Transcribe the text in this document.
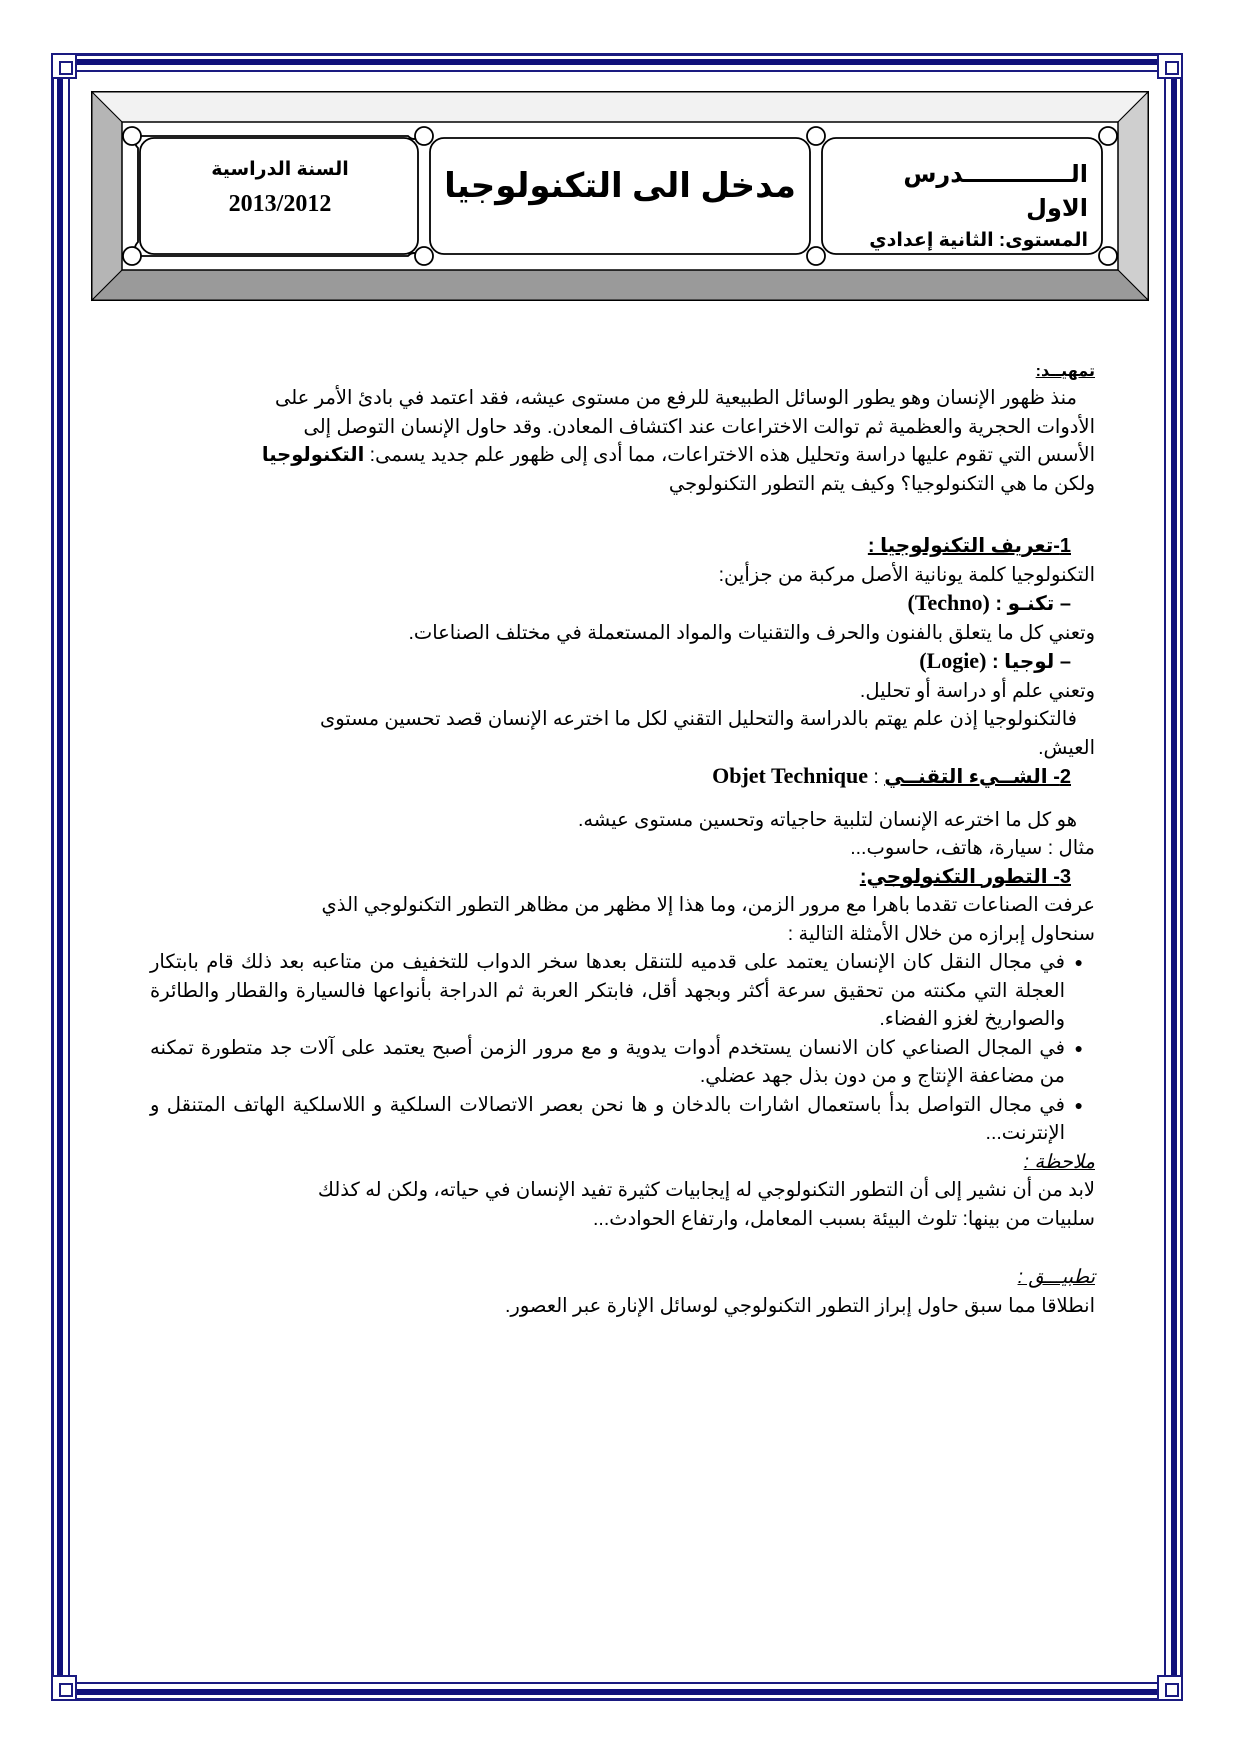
الـــــــــــــدرس الاول
المستوى: الثانية إعدادي
مدخل الى التكنولوجيا
السنة الدراسية
2013/2012

تمهيــد:

منذ ظهور الإنسان وهو يطور الوسائل الطبيعية للرفع من مستوى عيشه، فقد اعتمد في بادئ الأمر على

الأدوات الحجرية والعظمية ثم توالت الاختراعات عند اكتشاف المعادن. وقد حاول الإنسان التوصل إلى

الأسس التي تقوم عليها دراسة وتحليل هذه الاختراعات، مما أدى إلى ظهور علم جديد يسمى: التكنولوجيا

ولكن ما هي التكنولوجيا؟ وكيف يتم التطور التكنولوجي

1-تعريف التكنولوجيا :

التكنولوجيا كلمة يونانية الأصل مركبة من جزأين:

– تكنـو : (Techno)

وتعني كل ما يتعلق بالفنون والحرف والتقنيات والمواد المستعملة في مختلف الصناعات.

– لوجيا : (Logie)

وتعني علم أو دراسة أو تحليل.

فالتكنولوجيا إذن علم يهتم بالدراسة والتحليل التقني لكل ما اخترعه الإنسان قصد تحسين مستوى

العيش.

2- الشــيء التقنــي : Objet Technique

هو كل ما اخترعه الإنسان لتلبية حاجياته وتحسين مستوى عيشه.

مثال : سيارة، هاتف، حاسوب...

3- التطور التكنولوجي:

عرفت الصناعات تقدما باهرا مع مرور الزمن، وما هذا إلا مظهر من مظاهر التطور التكنولوجي الذي

سنحاول إبرازه من خلال الأمثلة التالية :

● في مجال النقل كان الإنسان يعتمد على قدميه للتنقل بعدها سخر الدواب للتخفيف من متاعبه بعد ذلك قام بابتكار العجلة التي مكنته من تحقيق سرعة أكثر وبجهد أقل، فابتكر العربة ثم الدراجة بأنواعها فالسيارة والقطار والطائرة والصواريخ لغزو الفضاء.
● في المجال الصناعي كان الانسان يستخدم أدوات يدوية و مع مرور الزمن أصبح يعتمد على آلات جد متطورة تمكنه من مضاعفة الإنتاج و من دون بذل جهد عضلي.
● في مجال التواصل بدأ باستعمال اشارات بالدخان و ها نحن بعصر الاتصالات السلكية و اللاسلكية الهاتف المتنقل و الإنترنت...

ملاحظة :

لابد من أن نشير إلى أن التطور التكنولوجي له إيجابيات كثيرة تفيد الإنسان في حياته، ولكن له كذلك

سلبيات من بينها: تلوث البيئة بسبب المعامل، وارتفاع الحوادث...

تطبيـــق :

انطلاقا مما سبق حاول إبراز التطور التكنولوجي لوسائل الإنارة عبر العصور.
